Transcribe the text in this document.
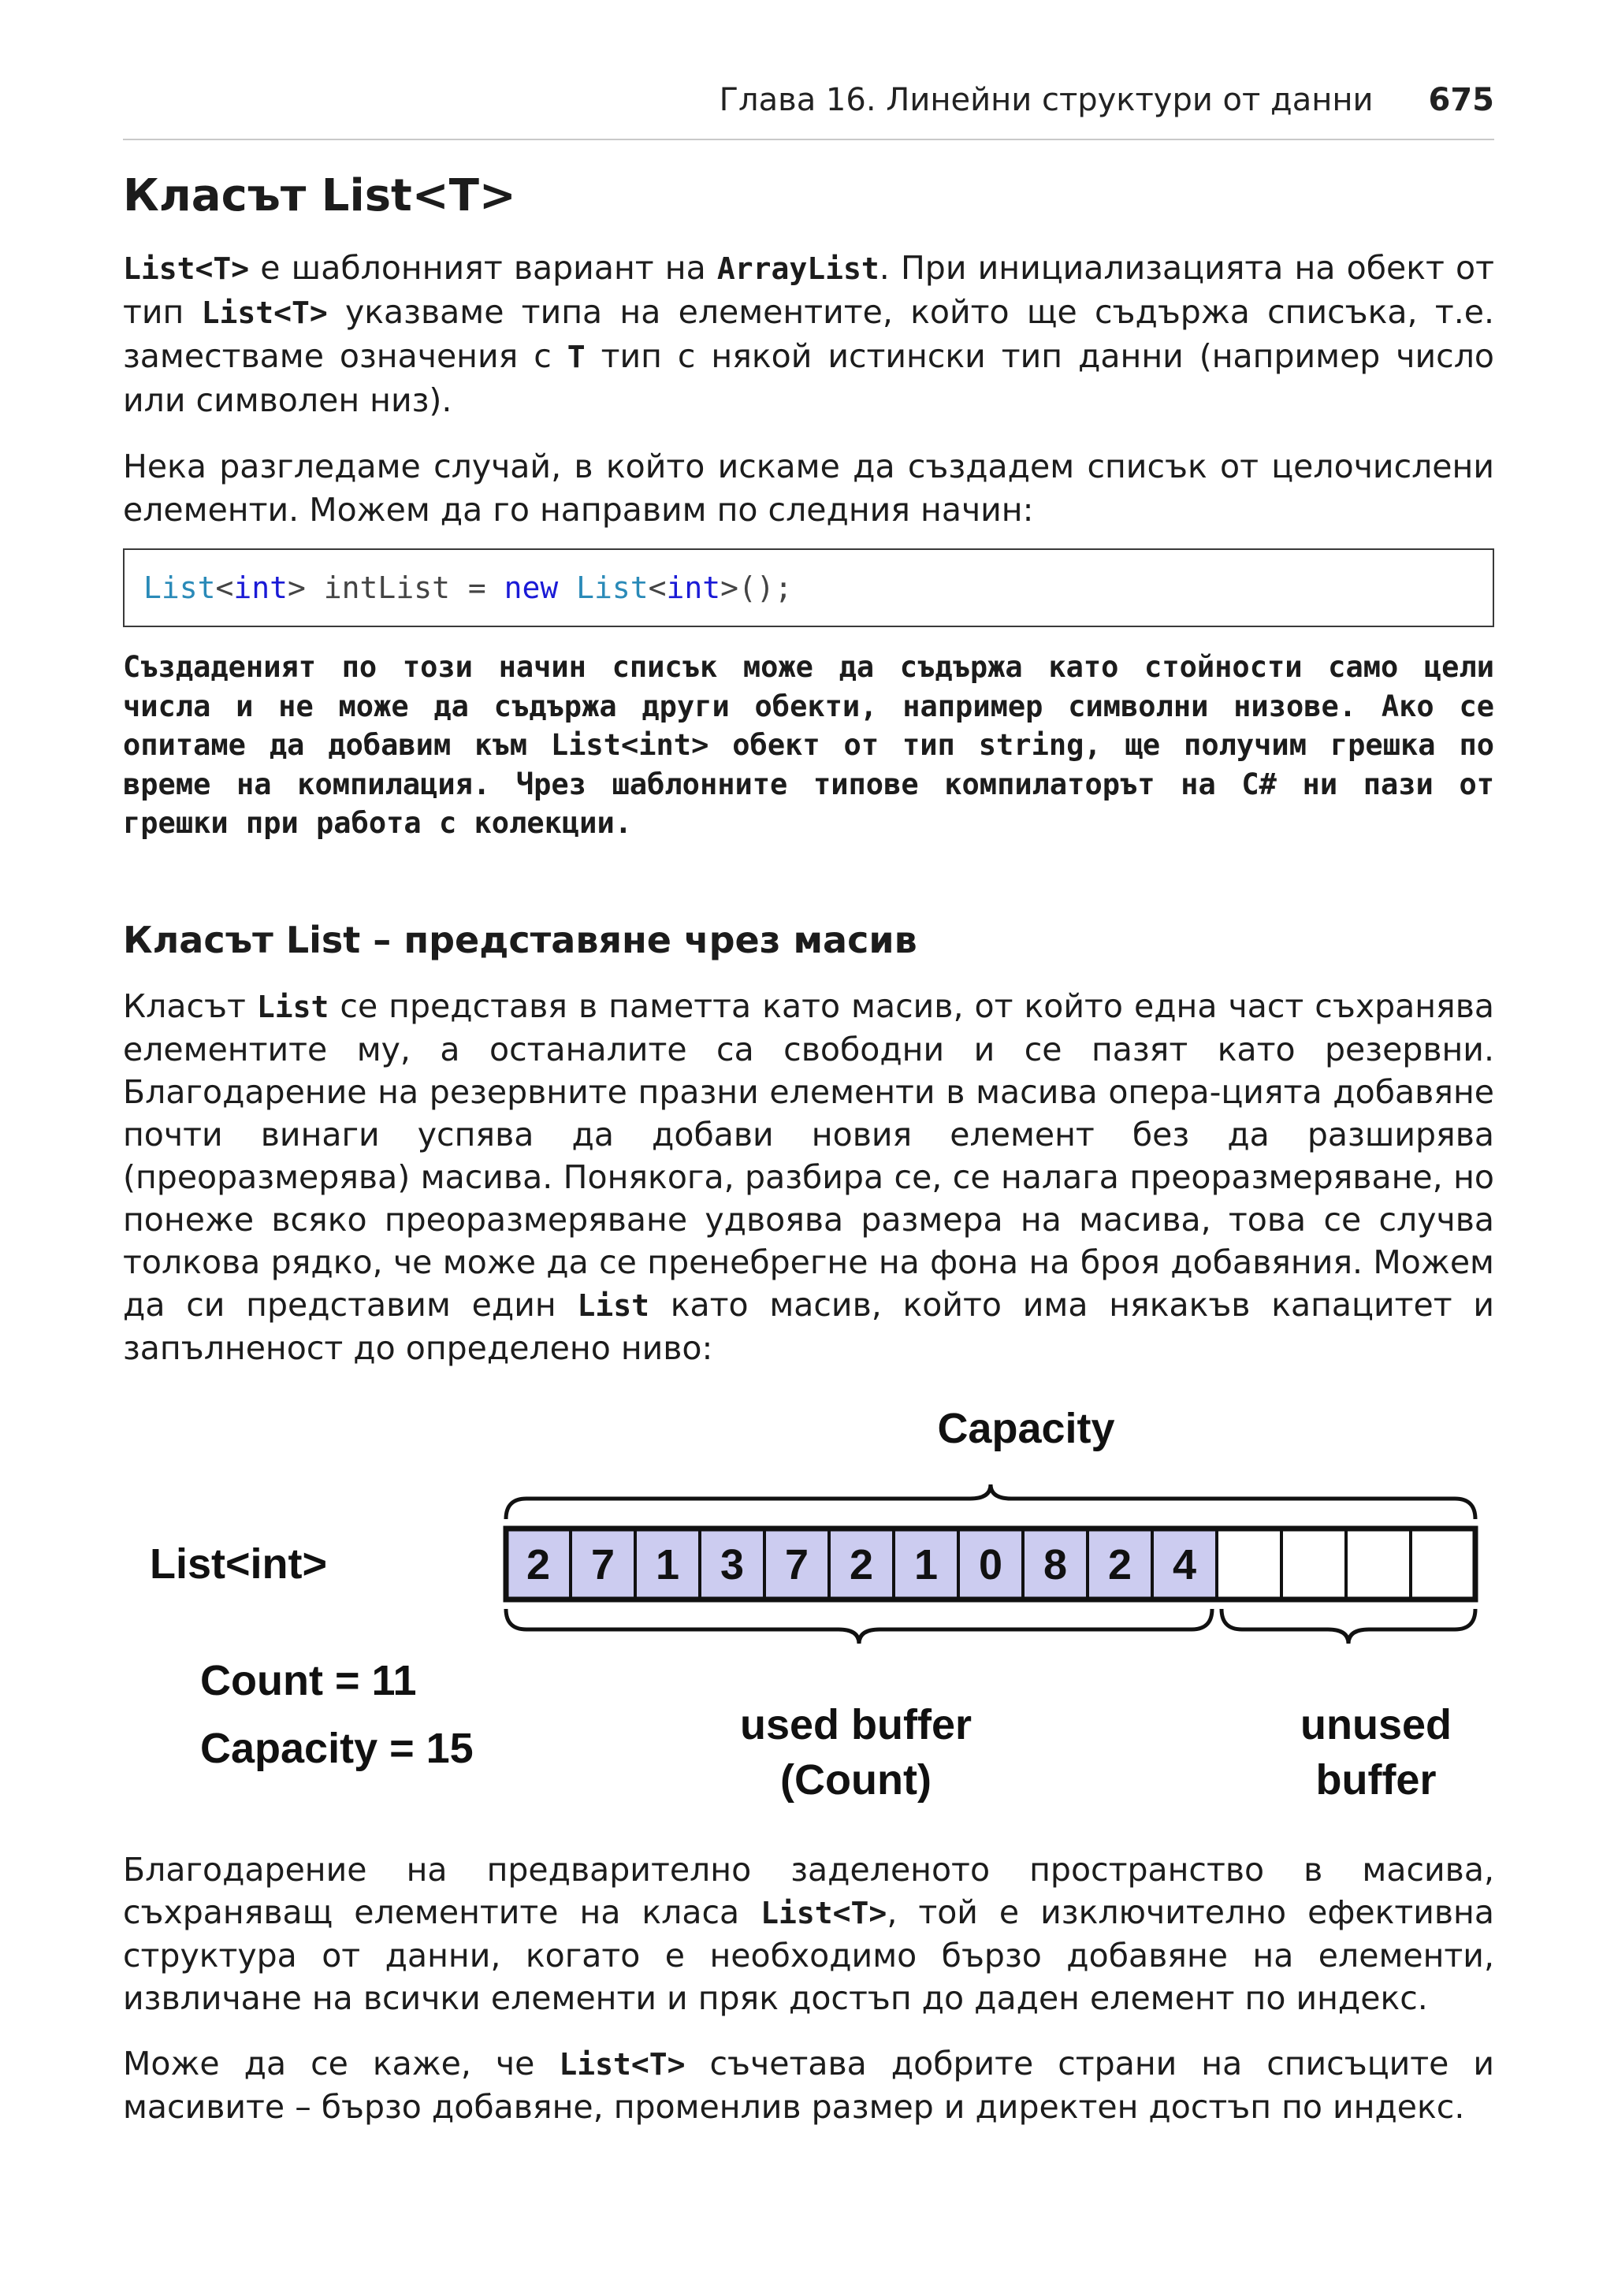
Глава 16. Линейни структури от данни 675
Класът List<T>

List<T> е шаблонният вариант на ArrayList. При инициализацията на обект от тип List<T> указваме типа на елементите, който ще съдържа списъка, т.е. заместваме означения с T тип с някой истински тип данни (например число или символен низ).

Нека разгледаме случай, в който искаме да създадем списък от целочислени елементи. Можем да го направим по следния начин:

List<int> intList = new List<int>();

Създаденият по този начин списък може да съдържа като стойности само цели числа и не може да съдържа други обекти, например символни низове. Ако се опитаме да добавим към List<int> обект от тип string, ще получим грешка по време на компилация. Чрез шаблонните типове компилаторът на C# ни пази от грешки при работа с колекции.

Класът List – представяне чрез масив

Класът List се представя в паметта като масив, от който една част съхранява елементите му, а останалите са свободни и се пазят като резервни. Благодарение на резервните празни елементи в масива опера-цията добавяне почти винаги успява да добави новия елемент без да разширява (преоразмерява) масива. Понякога, разбира се, се налага преоразмеряване, но понеже всяко преоразмеряване удвоява размера на масива, това се случва толкова рядко, че може да се пренебрегне на фона на броя добавяния. Можем да си представим един List като масив, който има някакъв капацитет и запълненост до определено ниво:

Capacity
List<int>
Count = 11
Capacity = 15	used buffer
(Count)
unused
buffer
2 7 1 3 7 2 1 0 8 2 4

Благодарение на предварително заделеното пространство в масива, съхраняващ елементите на класа List<T>, той е изключително ефективна структура от данни, когато е необходимо бързо добавяне на елементи, извличане на всички елементи и пряк достъп до даден елемент по индекс.

Може да се каже, че List<T> съчетава добрите страни на списъците и масивите – бързо добавяне, променлив размер и директен достъп по индекс.
